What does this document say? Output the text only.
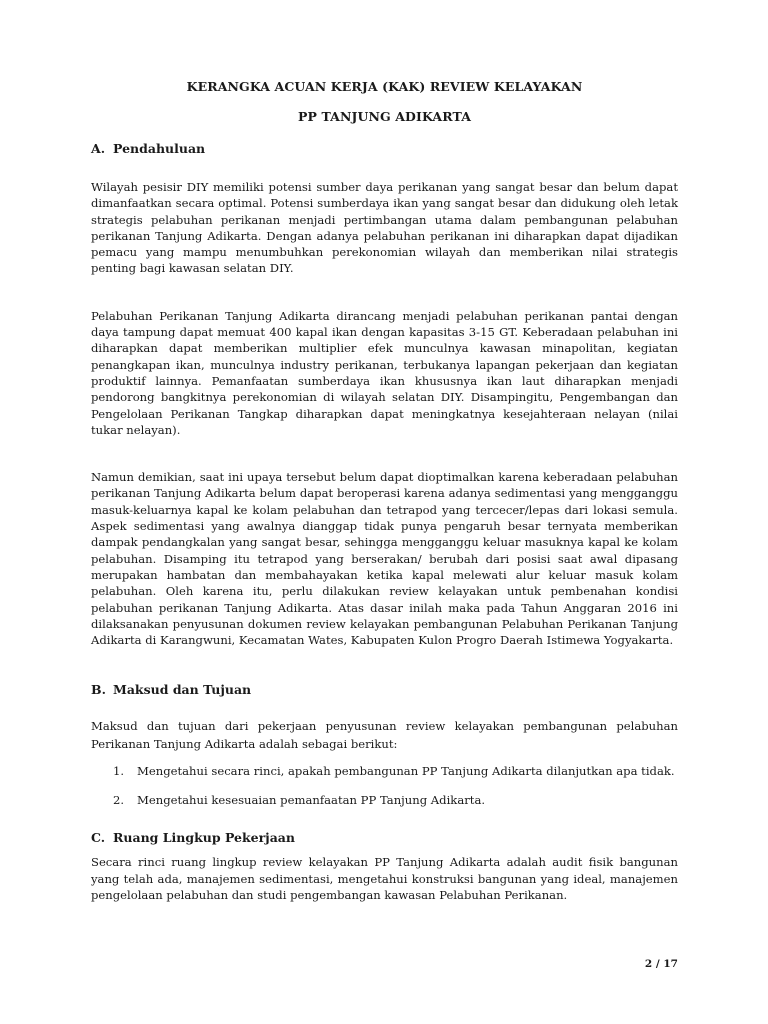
KERANGKA ACUAN KERJA (KAK) REVIEW KELAYAKAN
PP TANJUNG ADIKARTA
A. Pendahuluan

Wilayah pesisir DIY memiliki potensi sumber daya perikanan yang sangat besar dan belum dapat dimanfaatkan secara optimal. Potensi sumberdaya ikan yang sangat besar dan didukung oleh letak strategis pelabuhan perikanan menjadi pertimbangan utama dalam pembangunan pelabuhan perikanan Tanjung Adikarta. Dengan adanya pelabuhan perikanan ini diharapkan dapat dijadikan pemacu yang mampu menumbuhkan perekonomian wilayah dan memberikan nilai strategis penting bagi kawasan selatan DIY.

Pelabuhan Perikanan Tanjung Adikarta dirancang menjadi pelabuhan perikanan pantai dengan daya tampung dapat memuat 400 kapal ikan dengan kapasitas 3-15 GT. Keberadaan pelabuhan ini diharapkan dapat memberikan multiplier efek munculnya kawasan minapolitan, kegiatan penangkapan ikan, munculnya industry perikanan, terbukanya lapangan pekerjaan dan kegiatan produktif lainnya. Pemanfaatan sumberdaya ikan khususnya ikan laut diharapkan menjadi pendorong bangkitnya perekonomian di wilayah selatan DIY. Disampingitu, Pengembangan dan Pengelolaan Perikanan Tangkap diharapkan dapat meningkatnya kesejahteraan nelayan (nilai tukar nelayan).

Namun demikian, saat ini upaya tersebut belum dapat dioptimalkan karena keberadaan pelabuhan perikanan Tanjung Adikarta belum dapat beroperasi karena adanya sedimentasi yang mengganggu masuk-keluarnya kapal ke kolam pelabuhan dan tetrapod yang tercecer/lepas dari lokasi semula. Aspek sedimentasi yang awalnya dianggap tidak punya pengaruh besar ternyata memberikan dampak pendangkalan yang sangat besar, sehingga mengganggu keluar masuknya kapal ke kolam pelabuhan. Disamping itu tetrapod yang berserakan/ berubah dari posisi saat awal dipasang merupakan hambatan dan membahayakan ketika kapal melewati alur keluar masuk kolam pelabuhan. Oleh karena itu, perlu dilakukan review kelayakan untuk pembenahan kondisi pelabuhan perikanan Tanjung Adikarta. Atas dasar inilah maka pada Tahun Anggaran 2016 ini dilaksanakan penyusunan dokumen review kelayakan pembangunan Pelabuhan Perikanan Tanjung Adikarta di Karangwuni, Kecamatan Wates, Kabupaten Kulon Progro Daerah Istimewa Yogyakarta.

B. Maksud dan Tujuan

Maksud dan tujuan dari pekerjaan penyusunan review kelayakan pembangunan pelabuhan Perikanan Tanjung Adikarta adalah sebagai berikut:

1.	Mengetahui secara rinci, apakah pembangunan PP Tanjung Adikarta dilanjutkan apa tidak.
2.	Mengetahui kesesuaian pemanfaatan PP Tanjung Adikarta.
C. Ruang Lingkup Pekerjaan

Secara rinci ruang lingkup review kelayakan PP Tanjung Adikarta adalah audit fisik bangunan yang telah ada, manajemen sedimentasi, mengetahui konstruksi bangunan yang ideal, manajemen pengelolaan pelabuhan dan studi pengembangan kawasan Pelabuhan Perikanan.

2 / 17
